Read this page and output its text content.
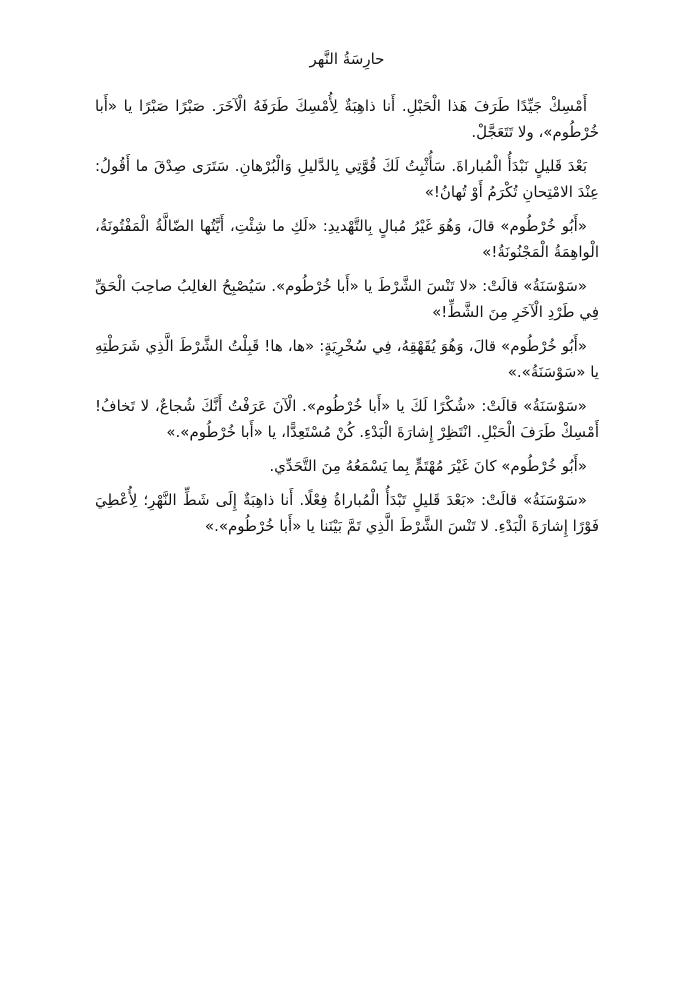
حارِسَةُ النَّهر

أَمْسِكْ جَيِّدًا طَرَفَ هَذا الْحَبْلِ. أَنا ذاهِبَةٌ لِأُمْسِكَ طَرَفَهُ الْآخَرَ. صَبْرًا صَبْرًا يا «أَبا خُرْطُوم»، ولا تَتَعَجَّلْ.

بَعْدَ قَليلٍ نَبْدَأُ الْمُباراةَ. سَأُثْبِتُ لَكَ قُوَّتِي بِالدَّليلِ وَالْبُرْهانِ. سَتَرَى صِدْقَ ما أَقُولُ: عِنْدَ الامْتِحانِ تُكْرَمُ أَوْ تُهانُ!»

«أَبُو خُرْطُوم» قالَ، وَهُوَ غَيْرُ مُبالٍ بِالتَّهْديدِ: «لَكِ ما شِئْتِ، أَيَّتُها الضّالَّةُ الْمَفْتُونَةُ، الْواهِمَةُ الْمَجْنُونَةُ!»

«سَوْسَنَةُ» قالَتْ: «لا تَنْسَ الشَّرْطَ يا «أَبا خُرْطُوم». سَيُصْبِحُ الغالِبُ صاحِبَ الْحَقِّ فِي طَرْدِ الْآخَرِ مِنَ الشَّطِّ!»

«أَبُو خُرْطُوم» قالَ، وَهُوَ يُقَهْقِهُ، فِي سُخْرِيَةٍ: «ها، ها! قَبِلْتُ الشَّرْطَ الَّذِي شَرَطْتِهِ يا «سَوْسَنَةُ».»

«سَوْسَنَةُ» قالَتْ: «شُكْرًا لَكَ يا «أَبا خُرْطُوم». الْآنَ عَرَفْتُ أَنَّكَ شُجاعٌ، لا تَخافُ! أَمْسِكْ طَرَفَ الْحَبْلِ. انْتَظِرْ إِشارَةَ الْبَدْءِ. كُنْ مُسْتَعِدًّا، يا «أَبا خُرْطُوم».»

«أَبُو خُرْطُوم» كانَ غَيْرَ مُهْتَمٍّ بِما يَسْمَعُهُ مِنَ التَّحَدِّي.

«سَوْسَنَةُ» قالَتْ: «بَعْدَ قَليلٍ تَبْدَأُ الْمُباراةُ فِعْلًا. أَنا ذاهِبَةٌ إِلَى شَطِّ النَّهْرِ؛ لِأُعْطِيَ فَوْرًا إِشارَةَ الْبَدْءِ. لا تَنْسَ الشَّرْطَ الَّذِي تَمَّ بَيْنَنا يا «أَبا خُرْطُوم».»
